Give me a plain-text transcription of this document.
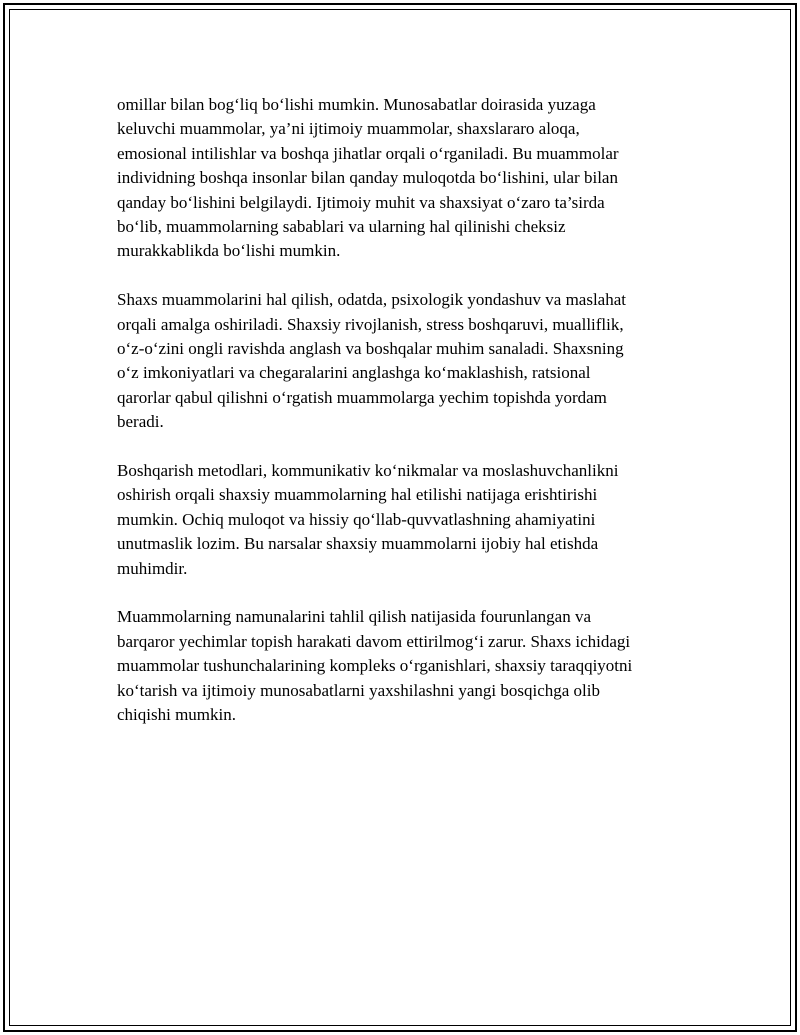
omillar bilan bog‘liq bo‘lishi mumkin. Munosabatlar doirasida yuzaga
keluvchi muammolar, ya’ni ijtimoiy muammolar, shaxslararo aloqa,
emosional intilishlar va boshqa jihatlar orqali o‘rganiladi. Bu muammolar
individning boshqa insonlar bilan qanday muloqotda bo‘lishini, ular bilan
qanday bo‘lishini belgilaydi. Ijtimoiy muhit va shaxsiyat o‘zaro ta’sirda
bo‘lib, muammolarning sabablari va ularning hal qilinishi cheksiz
murakkablikda bo‘lishi mumkin.

Shaxs muammolarini hal qilish, odatda, psixologik yondashuv va maslahat
orqali amalga oshiriladi. Shaxsiy rivojlanish, stress boshqaruvi, mualliflik,
o‘z-o‘zini ongli ravishda anglash va boshqalar muhim sanaladi. Shaxsning
o‘z imkoniyatlari va chegaralarini anglashga ko‘maklashish, ratsional
qarorlar qabul qilishni o‘rgatish muammolarga yechim topishda yordam
beradi.

Boshqarish metodlari, kommunikativ ko‘nikmalar va moslashuvchanlikni
oshirish orqali shaxsiy muammolarning hal etilishi natijaga erishtirishi
mumkin. Ochiq muloqot va hissiy qo‘llab-quvvatlashning ahamiyatini
unutmaslik lozim. Bu narsalar shaxsiy muammolarni ijobiy hal etishda
muhimdir.

Muammolarning namunalarini tahlil qilish natijasida fourunlangan va
barqaror yechimlar topish harakati davom ettirilmog‘i zarur. Shaxs ichidagi
muammolar tushunchalarining kompleks o‘rganishlari, shaxsiy taraqqiyotni
ko‘tarish va ijtimoiy munosabatlarni yaxshilashni yangi bosqichga olib
chiqishi mumkin.
